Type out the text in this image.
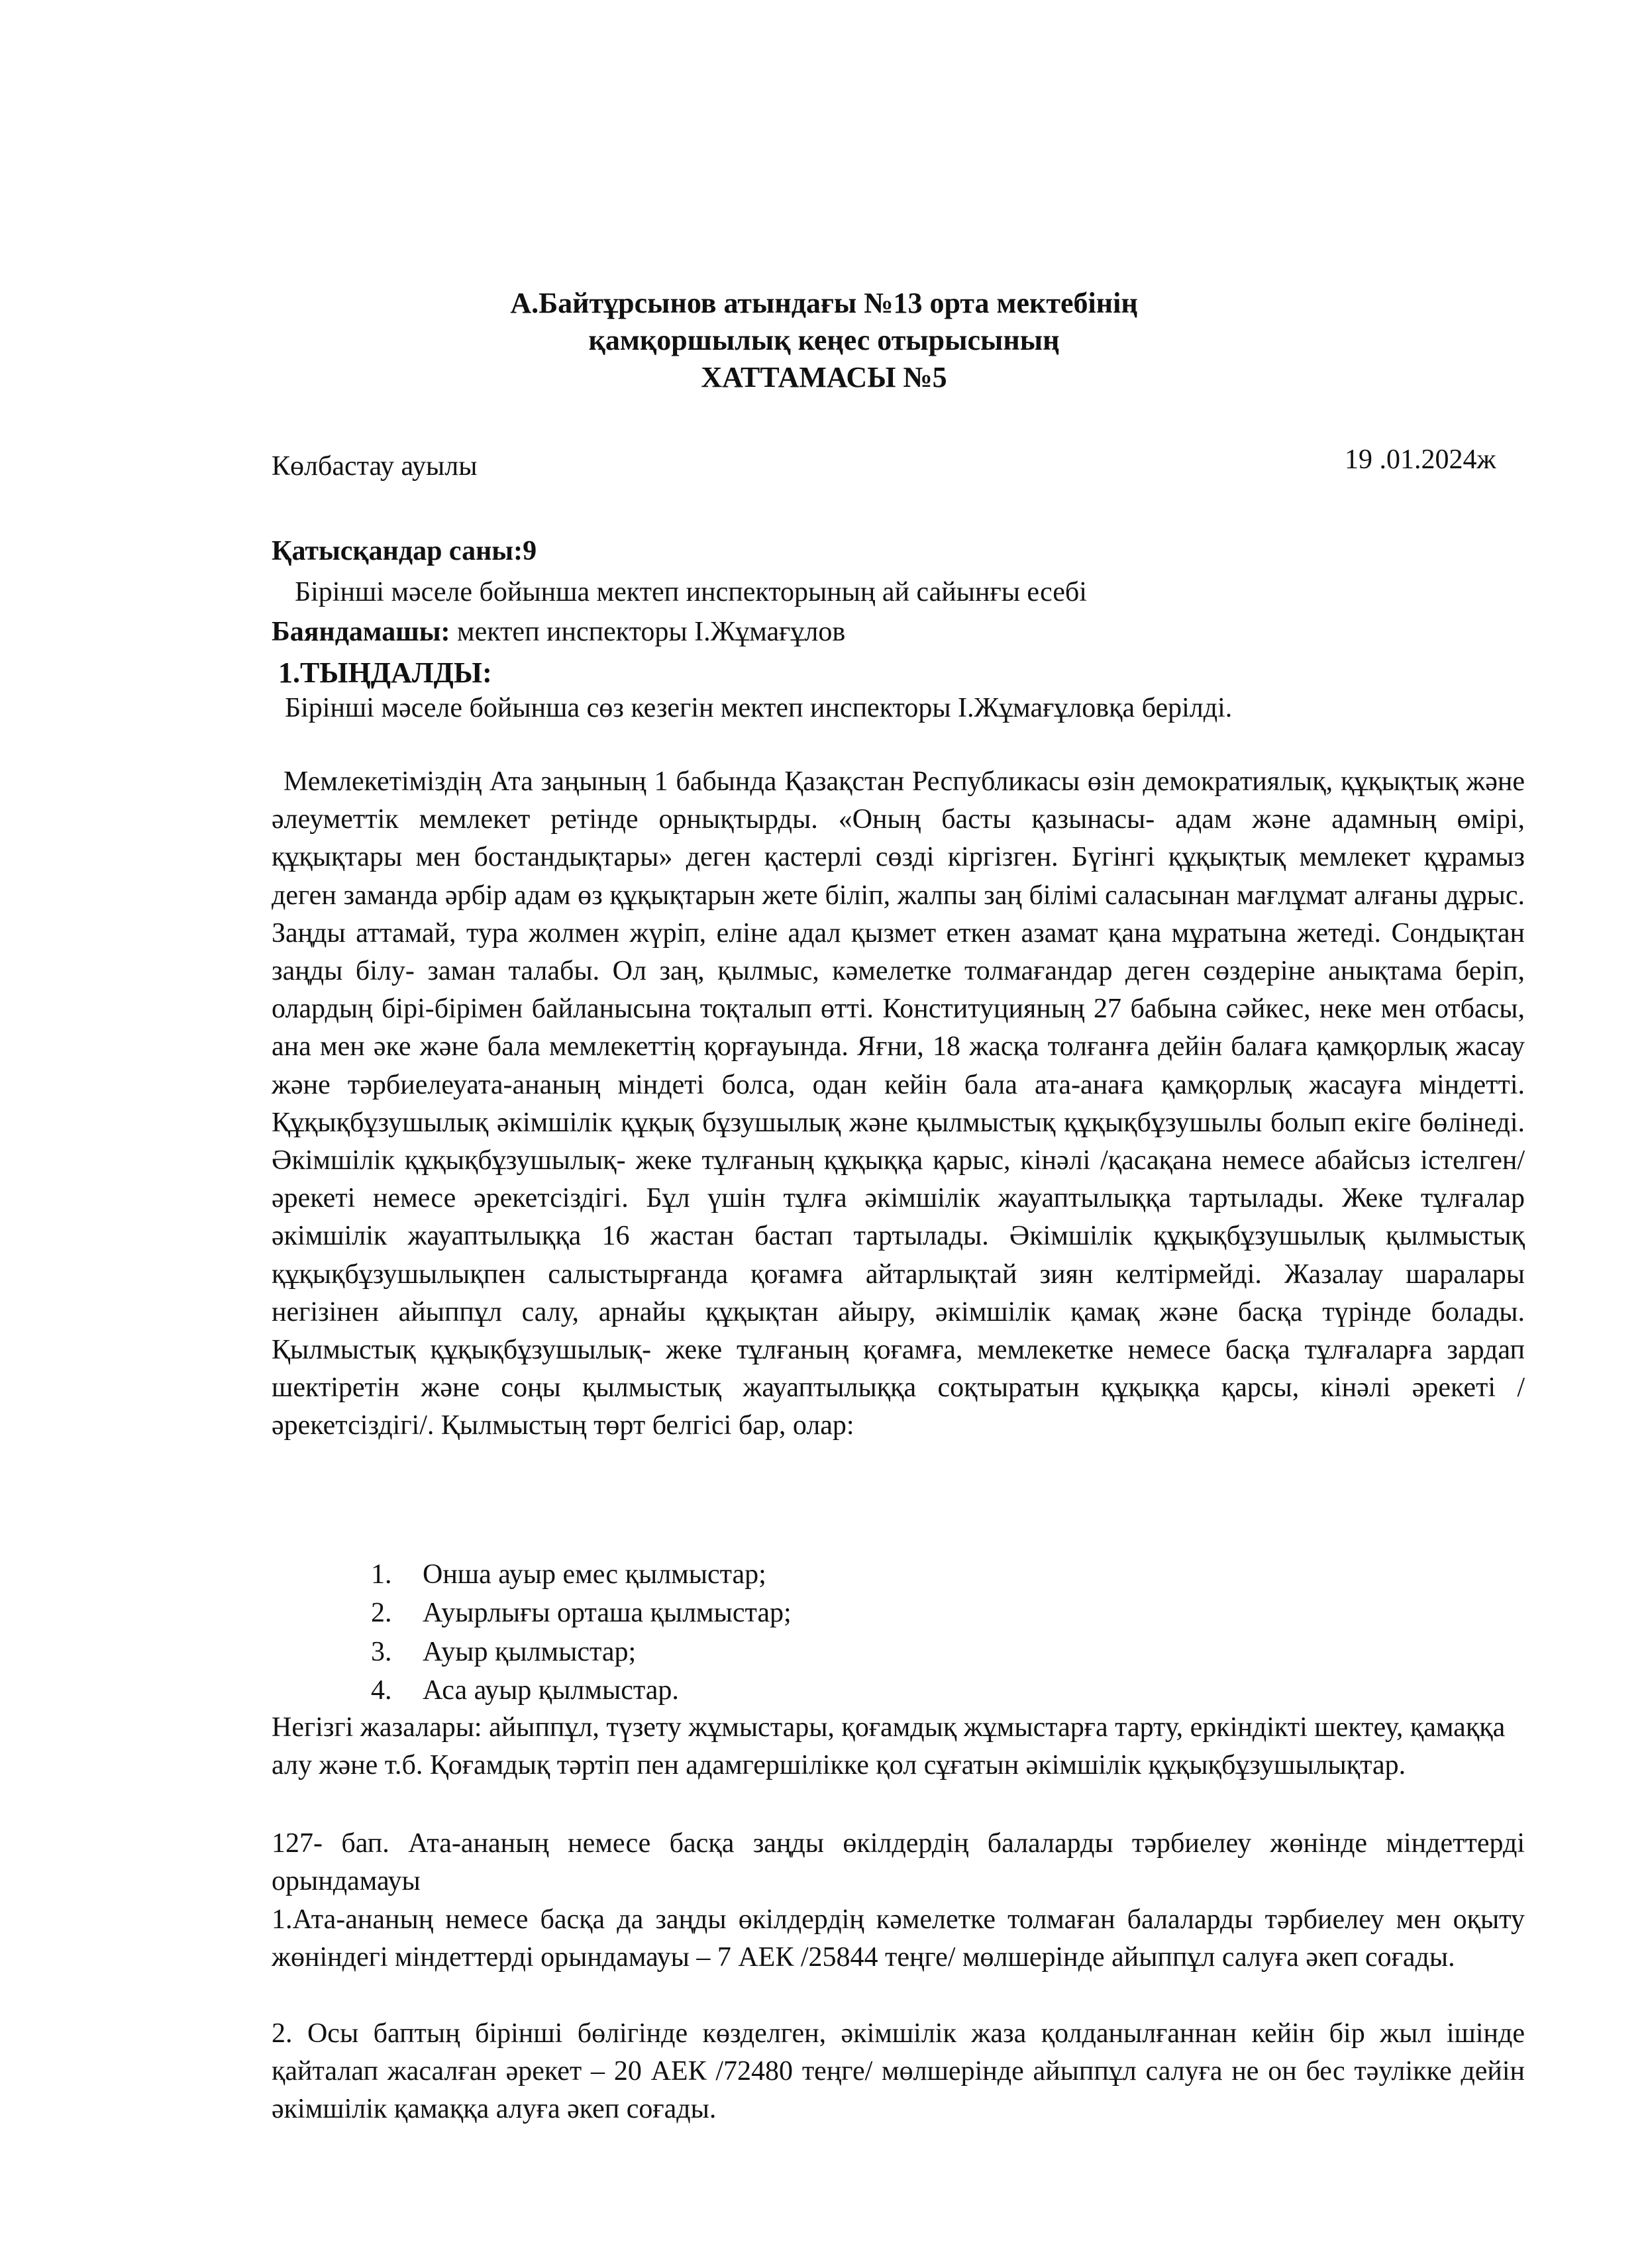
А.Байтұрсынов атындағы №13 орта мектебінің
қамқоршылық кеңес отырысының
ХАТТАМАСЫ №5
Көлбастау ауылы	19 .01.2024ж
Қатысқандар саны:9
Бірінші мәселе бойынша мектеп инспекторының ай сайынғы есебі
Баяндамашы: мектеп инспекторы І.Жұмағұлов
1.ТЫҢДАЛДЫ:
Бірінші мәселе бойынша сөз кезегін мектеп инспекторы І.Жұмағұловқа берілді.
Мемлекетіміздің Ата заңының 1 бабында Қазақстан Республикасы өзін демократиялық, құқықтық және әлеуметтік мемлекет ретінде орнықтырды. «Оның басты қазынасы- адам және адамның өмірі, құқықтары мен бостандықтары» деген қастерлі сөзді кіргізген. Бүгінгі құқықтық мемлекет құрамыз деген заманда әрбір адам өз құқықтарын жете біліп, жалпы заң білімі саласынан мағлұмат алғаны дұрыс. Заңды аттамай, тура жолмен жүріп, еліне адал қызмет еткен азамат қана мұратына жетеді. Сондықтан заңды білу- заман талабы. Ол заң, қылмыс, кәмелетке толмағандар деген сөздеріне анықтама беріп, олардың бірі-бірімен байланысына тоқталып өтті. Конституцияның 27 бабына сәйкес, неке мен отбасы, ана мен әке және бала мемлекеттің қорғауында. Яғни, 18 жасқа толғанға дейін балаға қамқорлық жасау және тәрбиелеуата-ананың міндеті болса, одан кейін бала ата-анаға қамқорлық жасауға міндетті. Құқықбұзушылық әкімшілік құқық бұзушылық және қылмыстық құқықбұзушылы болып екіге бөлінеді. Әкімшілік құқықбұзушылық- жеке тұлғаның құқыққа қарыс, кінәлі /қасақана немесе абайсыз істелген/ әрекеті немесе әрекетсіздігі. Бұл үшін тұлға әкімшілік жауаптылыққа тартылады. Жеке тұлғалар әкімшілік жауаптылыққа 16 жастан бастап тартылады. Әкімшілік құқықбұзушылық қылмыстық құқықбұзушылықпен салыстырғанда қоғамға айтарлықтай зиян келтірмейді. Жазалау шаралары негізінен айыппұл салу, арнайы құқықтан айыру, әкімшілік қамақ және басқа түрінде болады. Қылмыстық құқықбұзушылық- жеке тұлғаның қоғамға, мемлекетке немесе басқа тұлғаларға зардап шектіретін және соңы қылмыстық жауаптылыққа соқтыратын құқыққа қарсы, кінәлі әрекеті /әрекетсіздігі/. Қылмыстың төрт белгісі бар, олар:
1. Онша ауыр емес қылмыстар;
2. Ауырлығы орташа қылмыстар;
3. Ауыр қылмыстар;
4. Аса ауыр қылмыстар.
Негізгі жазалары: айыппұл, түзету жұмыстары, қоғамдық жұмыстарға тарту, еркіндікті шектеу, қамаққа алу және т.б. Қоғамдық тәртіп пен адамгершілікке қол сұғатын әкімшілік құқықбұзушылықтар.
127- бап. Ата-ананың немесе басқа заңды өкілдердің балаларды тәрбиелеу жөнінде міндеттерді орындамауы
1.Ата-ананың немесе басқа да заңды өкілдердің кәмелетке толмаған балаларды тәрбиелеу мен оқыту жөніндегі міндеттерді орындамауы – 7 АЕК /25844 теңге/ мөлшерінде айыппұл салуға әкеп соғады.
2. Осы баптың бірінші бөлігінде көзделген, әкімшілік жаза қолданылғаннан кейін бір жыл ішінде қайталап жасалған әрекет – 20 АЕК /72480 теңге/ мөлшерінде айыппұл салуға не он бес тәулікке дейін әкімшілік қамаққа алуға әкеп соғады.
